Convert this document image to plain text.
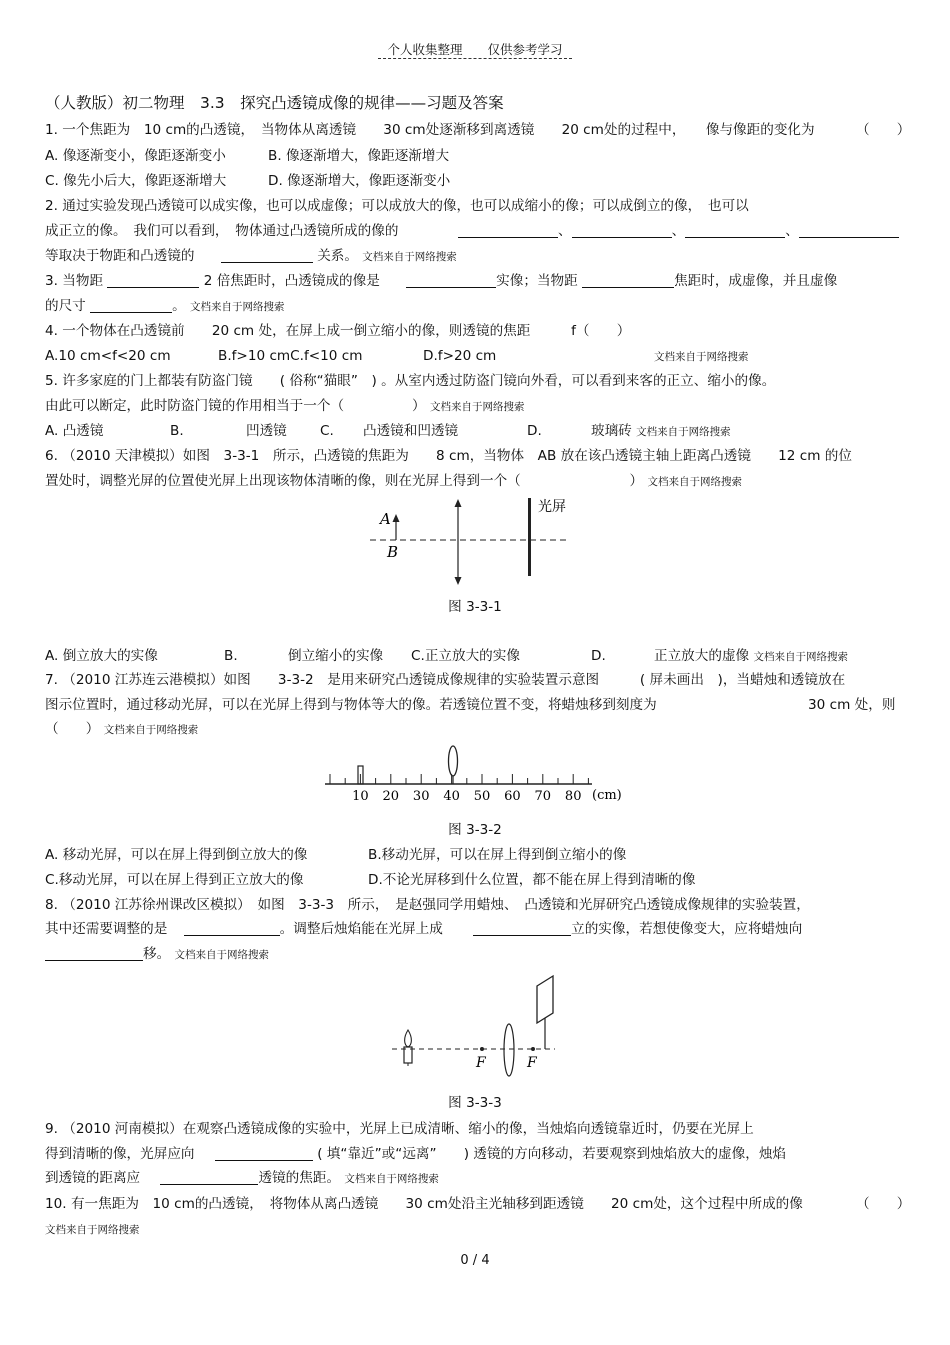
个人收集整理　　仅供参考学习
（人教版）初二物理　3.3　探究凸透镜成像的规律——习题及答案
1. 一个焦距为　10 cm的凸透镜，　当物体从离透镜　　30 cm处逐渐移到离透镜　　20 cm处的过程中，　　像与像距的变化为	（　　）
A. 像逐渐变小，像距逐渐变小	B. 像逐渐增大，像距逐渐增大
C. 像先小后大，像距逐渐增大	D. 像逐渐增大，像距逐渐变小
2. 通过实验发现凸透镜可以成实像，也可以成虚像；可以成放大的像，也可以成缩小的像；可以成倒立的像，　也可以
成正立的像。　我们可以看到，　物体通过凸透镜所成的像的	、	、	、
等取决于物距和凸透镜的	关系。 文档来自于网络搜索
3. 当物距	2 倍焦距时，凸透镜成的像是	实像；当物距	焦距时，成虚像，并且虚像
的尺寸	。 文档来自于网络搜索
4. 一个物体在凸透镜前　　20 cm 处，在屏上成一倒立缩小的像，则透镜的焦距　　　f（　　）
A.10 cm<f<20 cm	B.f>10 cmC.f<10 cm	D.f>20 cm	文档来自于网络搜索
5. 许多家庭的门上都装有防盗门镜　　( 俗称“猫眼”　) 。从室内透过防盗门镜向外看，可以看到来客的正立、缩小的像。
由此可以断定，此时防盗门镜的作用相当于一个（　　　　　） 文档来自于网络搜索
A. 凸透镜	B.	凹透镜 C. 凸透镜和凹透镜	D.	玻璃砖 文档来自于网络搜索
6. （2010 天津模拟）如图　3-3-1　所示，凸透镜的焦距为　　8 cm，当物体　AB 放在该凸透镜主轴上距离凸透镜　　12 cm 的位
置处时，调整光屏的位置使光屏上出现该物体清晰的像，则在光屏上得到一个（　　　　　　　　） 文档来自于网络搜索
A
B
光屏
图 3-3-1
A. 倒立放大的实像	B.	倒立缩小的实像 C.正立放大的实像	D.	正立放大的虚像 文档来自于网络搜索
7. （2010 江苏连云港模拟）如图　　3-3-2　是用来研究凸透镜成像规律的实验装置示意图　　　( 屏未画出　)，当蜡烛和透镜放在
图示位置时，通过移动光屏，可以在光屏上得到与物体等大的像。若透镜位置不变，将蜡烛移到刻度为	30 cm 处，则
（　　） 文档来自于网络搜索
10 20 30 40 50 60 70 80 (cm)
图 3-3-2
A. 移动光屏，可以在屏上得到倒立放大的像	B.移动光屏，可以在屏上得到倒立缩小的像
C.移动光屏，可以在屏上得到正立放大的像	D.不论光屏移到什么位置，都不能在屏上得到清晰的像
8. （2010 江苏徐州课改区模拟）　如图　3-3-3　所示，　是赵强同学用蜡烛、　凸透镜和光屏研究凸透镜成像规律的实验装置，
其中还需要调整的是	。调整后烛焰能在光屏上成	立的实像，若想使像变大，应将蜡烛向
移。 文档来自于网络搜索
F	F
图 3-3-3
9. （2010 河南模拟）在观察凸透镜成像的实验中，光屏上已成清晰、缩小的像，当烛焰向透镜靠近时，仍要在光屏上
得到清晰的像，光屏应向	( 填“靠近”或“远离”　　) 透镜的方向移动，若要观察到烛焰放大的虚像，烛焰
到透镜的距离应	透镜的焦距。 文档来自于网络搜索
10. 有一焦距为　10 cm的凸透镜，　将物体从离凸透镜　　30 cm处沿主光轴移到距透镜　　20 cm处，这个过程中所成的像	（　　）
文档来自于网络搜索
0 / 4
